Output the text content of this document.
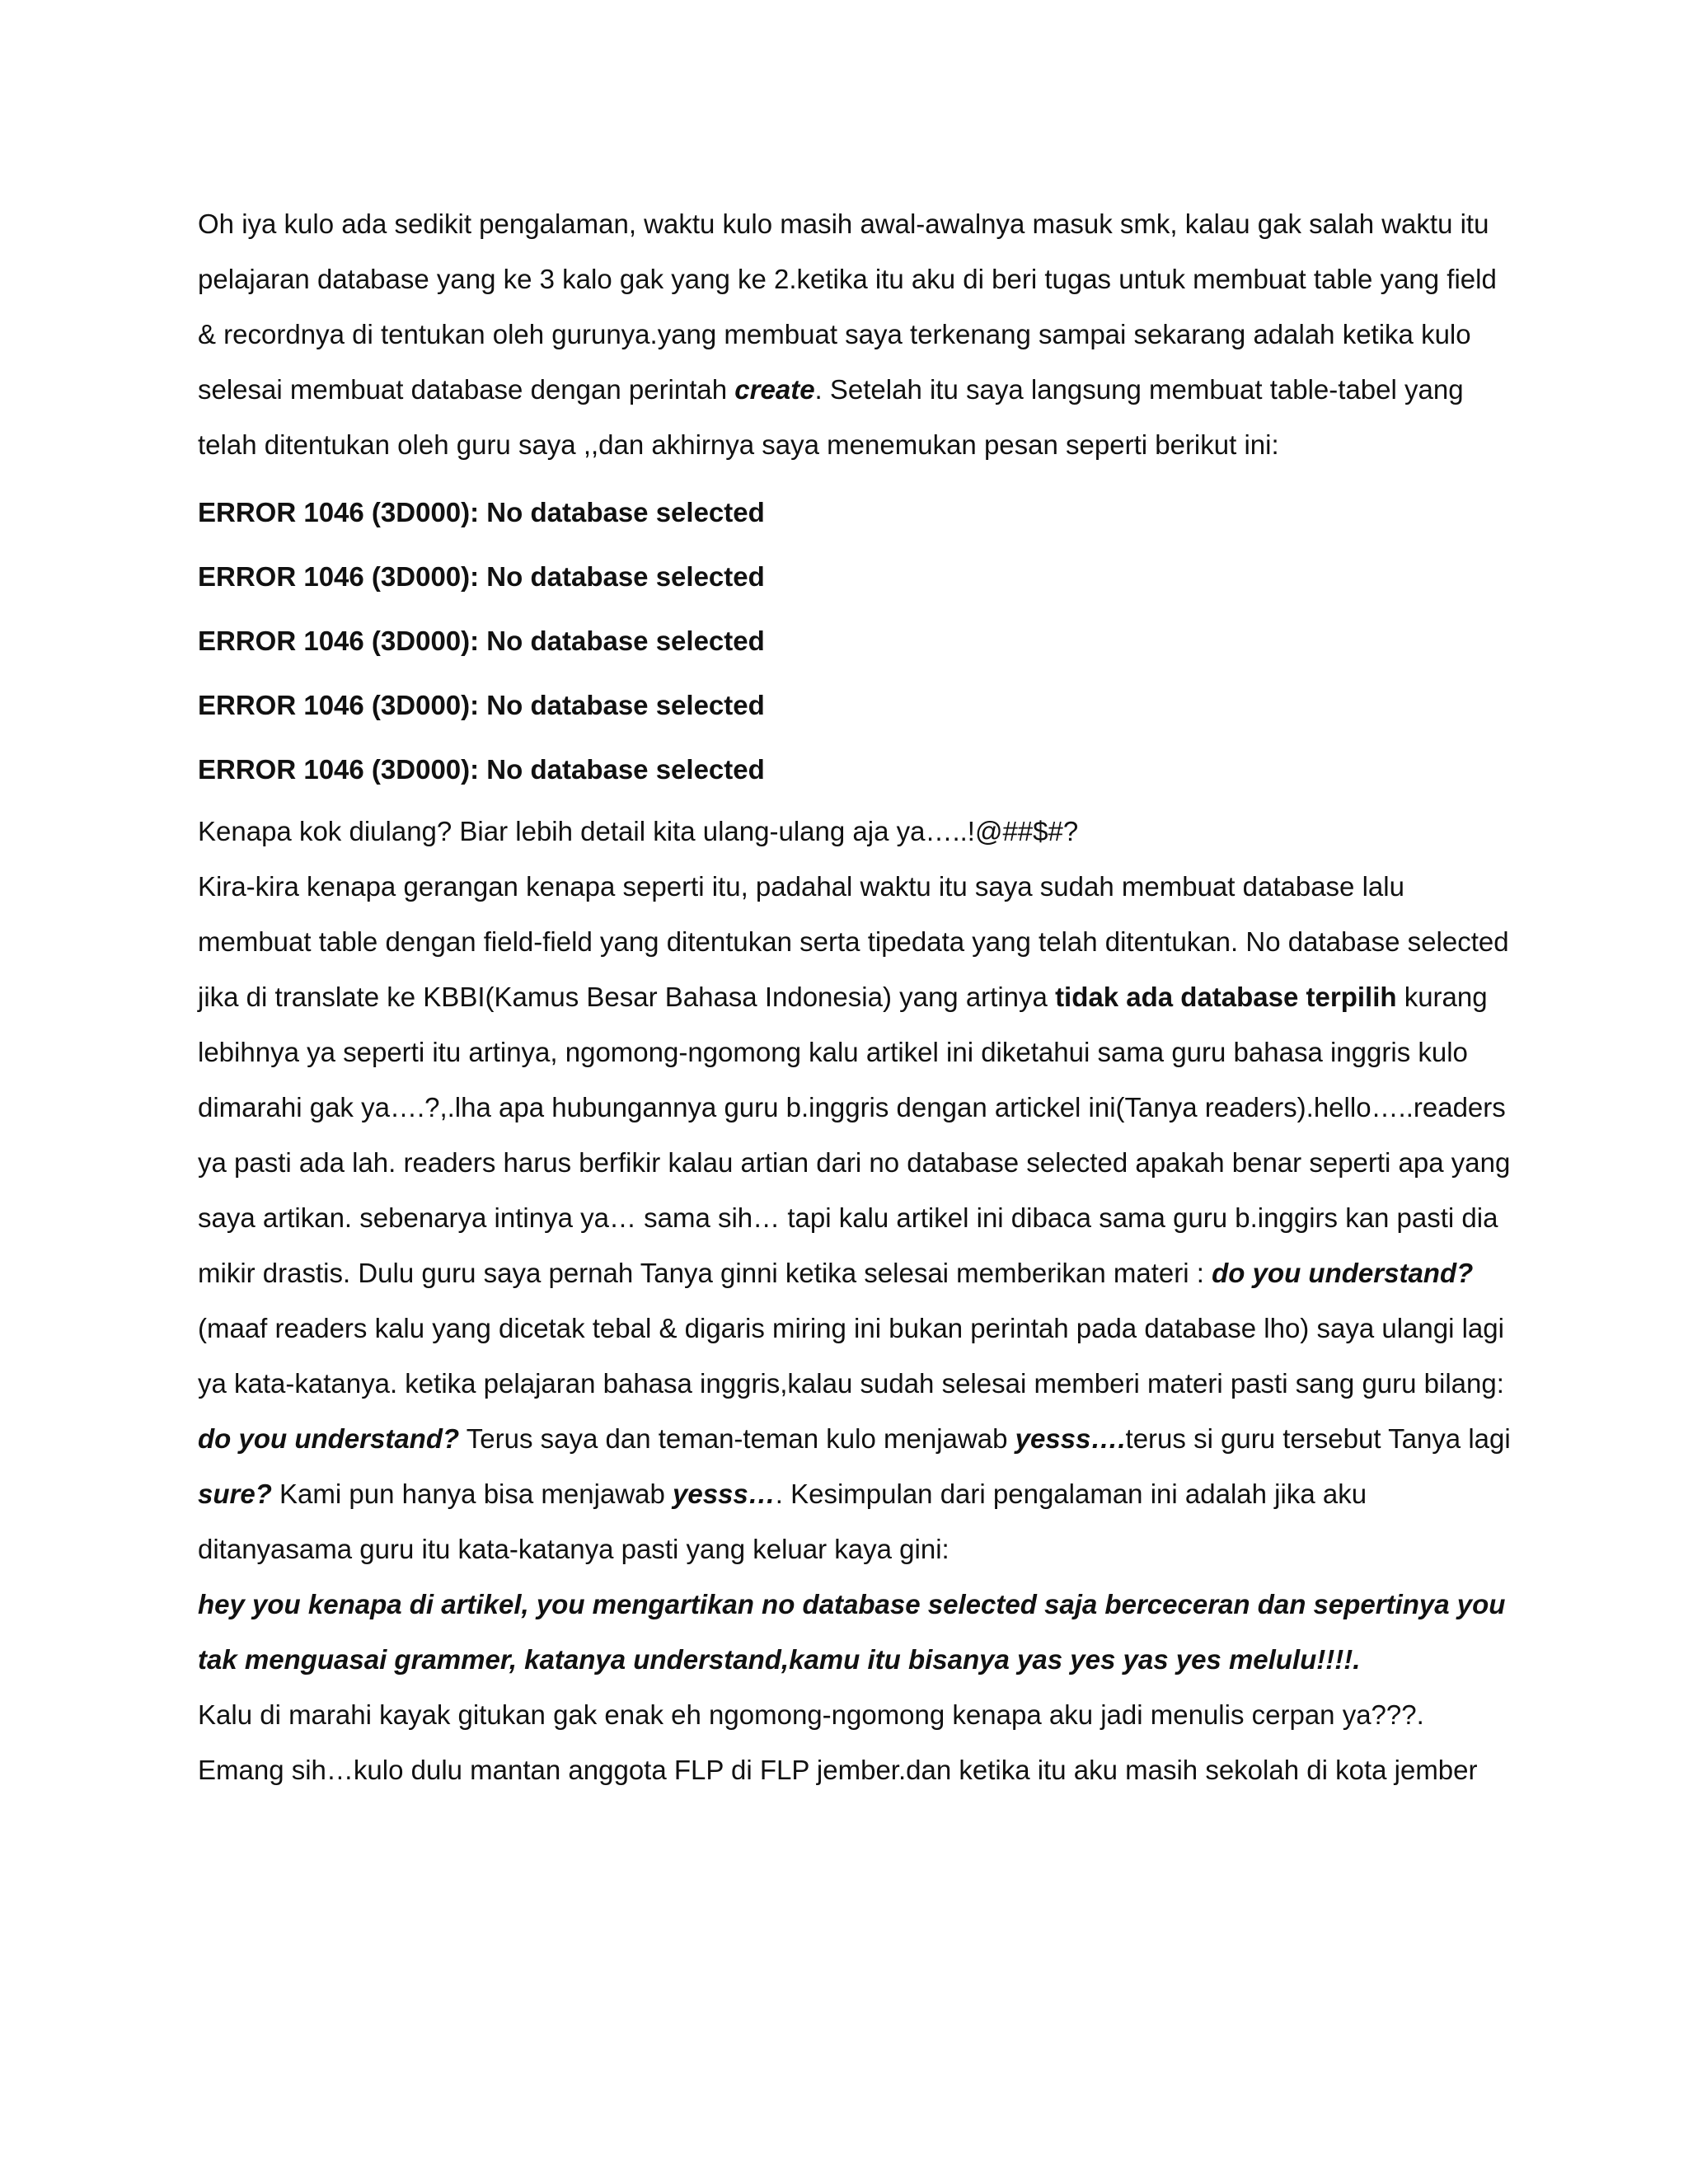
Oh iya kulo ada sedikit pengalaman, waktu kulo masih awal-awalnya masuk smk, kalau gak salah waktu itu pelajaran database yang ke 3 kalo gak yang ke 2.ketika itu aku di beri tugas untuk membuat table yang field & recordnya di tentukan oleh gurunya.yang membuat saya terkenang sampai sekarang adalah ketika kulo selesai membuat database dengan perintah create. Setelah itu saya langsung membuat table-tabel yang telah ditentukan oleh guru saya ,,dan akhirnya saya menemukan pesan seperti berikut ini:

ERROR 1046 (3D000): No database selected

ERROR 1046 (3D000): No database selected

ERROR 1046 (3D000): No database selected

ERROR 1046 (3D000): No database selected

ERROR 1046 (3D000): No database selected

Kenapa kok diulang? Biar lebih detail kita ulang-ulang aja ya…..!@##$#?

Kira-kira kenapa gerangan kenapa seperti itu, padahal waktu itu saya sudah membuat database lalu membuat table dengan field-field yang ditentukan serta tipedata yang telah ditentukan. No database selected jika di translate ke KBBI(Kamus Besar Bahasa Indonesia) yang artinya tidak ada database terpilih kurang lebihnya ya seperti itu artinya, ngomong-ngomong kalu artikel ini diketahui sama guru bahasa inggris kulo dimarahi gak ya….?,.lha apa hubungannya guru b.inggris dengan artickel ini(Tanya readers).hello…..readers ya pasti ada lah. readers harus berfikir kalau artian dari no database selected apakah benar seperti apa yang saya artikan. sebenarya intinya ya… sama sih… tapi kalu artikel ini dibaca sama guru b.inggirs kan pasti dia mikir drastis. Dulu guru saya pernah Tanya ginni ketika selesai memberikan materi : do you understand?(maaf readers kalu yang dicetak tebal & digaris miring ini bukan perintah pada database lho) saya ulangi lagi ya kata-katanya. ketika pelajaran bahasa inggris,kalau sudah selesai memberi materi pasti sang guru bilang: do you understand? Terus saya dan teman-teman kulo menjawab yesss….terus si guru tersebut Tanya lagi sure? Kami pun hanya bisa menjawab yesss…. Kesimpulan dari pengalaman ini adalah jika aku ditanyasama guru itu kata-katanya pasti yang keluar kaya gini:

hey you kenapa di artikel, you mengartikan no database selected saja berceceran dan sepertinya you tak menguasai grammer, katanya understand,kamu itu bisanya yas yes yas yes melulu!!!!.

Kalu di marahi kayak gitukan gak enak eh ngomong-ngomong kenapa aku jadi menulis cerpan ya???. Emang sih…kulo dulu mantan anggota FLP di FLP jember.dan ketika itu aku masih sekolah di kota jember
